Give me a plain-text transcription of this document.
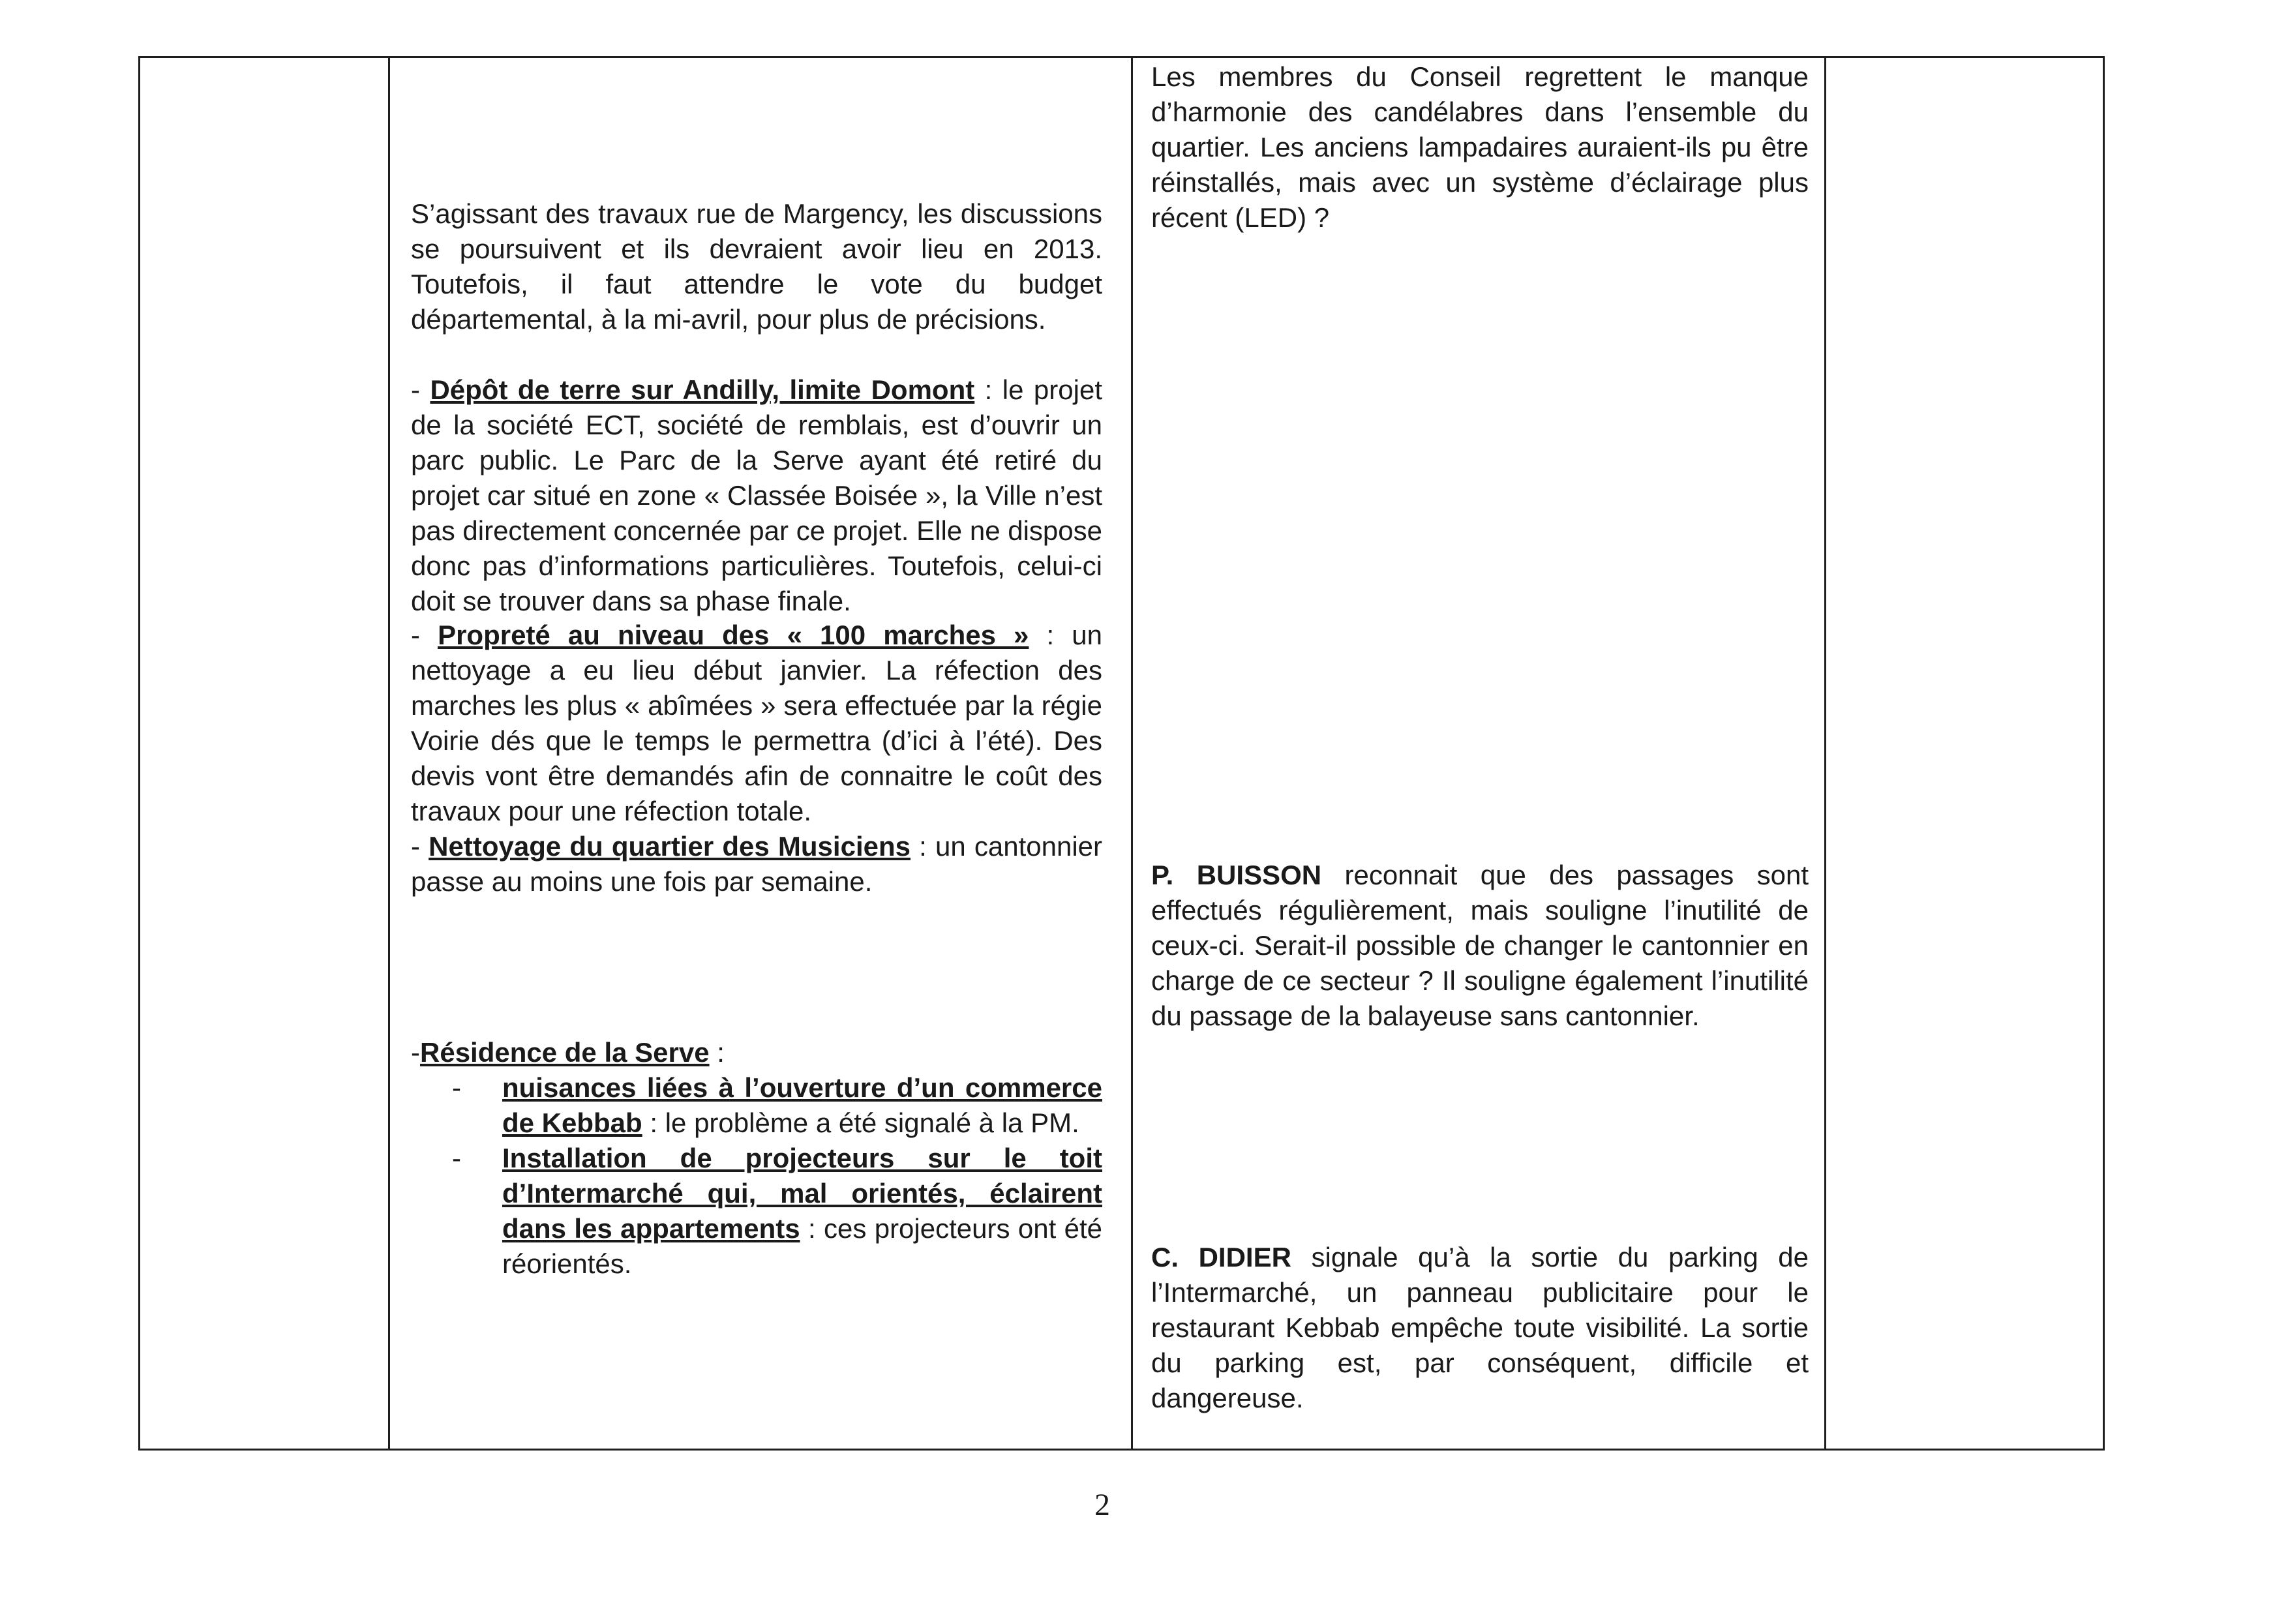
S’agissant des travaux rue de Margency, les discussions se poursuivent et ils devraient avoir lieu en 2013. Toutefois, il faut attendre le vote du budget départemental, à la mi-avril, pour plus de précisions.
- Dépôt de terre sur Andilly, limite Domont : le projet de la société ECT, société de remblais, est d’ouvrir un parc public. Le Parc de la Serve ayant été retiré du projet car situé en zone « Classée Boisée », la Ville n’est pas directement concernée par ce projet. Elle ne dispose donc pas d’informations particulières. Toutefois, celui-ci doit se trouver dans sa phase finale.
- Propreté au niveau des « 100 marches » : un nettoyage a eu lieu début janvier. La réfection des marches les plus « abîmées » sera effectuée par la régie Voirie dés que le temps le permettra (d’ici à l’été). Des devis vont être demandés afin de connaitre le coût des travaux pour une réfection totale.
- Nettoyage du quartier des Musiciens : un cantonnier passe au moins une fois par semaine.
-Résidence de la Serve :
-	nuisances liées à l’ouverture d’un commerce de Kebbab : le problème a été signalé à la PM.
-	Installation de projecteurs sur le toit d’Intermarché qui, mal orientés, éclairent dans les appartements : ces projecteurs ont été réorientés.

Les membres du Conseil regrettent le manque d’harmonie des candélabres dans l’ensemble du quartier. Les anciens lampadaires auraient-ils pu être réinstallés, mais avec un système d’éclairage plus récent (LED) ?
P. BUISSON reconnait que des passages sont effectués régulièrement, mais souligne l’inutilité de ceux-ci. Serait-il possible de changer le cantonnier en charge de ce secteur ? Il souligne également l’inutilité du passage de la balayeuse sans cantonnier.
C. DIDIER signale qu’à la sortie du parking de l’Intermarché, un panneau publicitaire pour le restaurant Kebbab empêche toute visibilité. La sortie du parking est, par conséquent, difficile et dangereuse.

2
